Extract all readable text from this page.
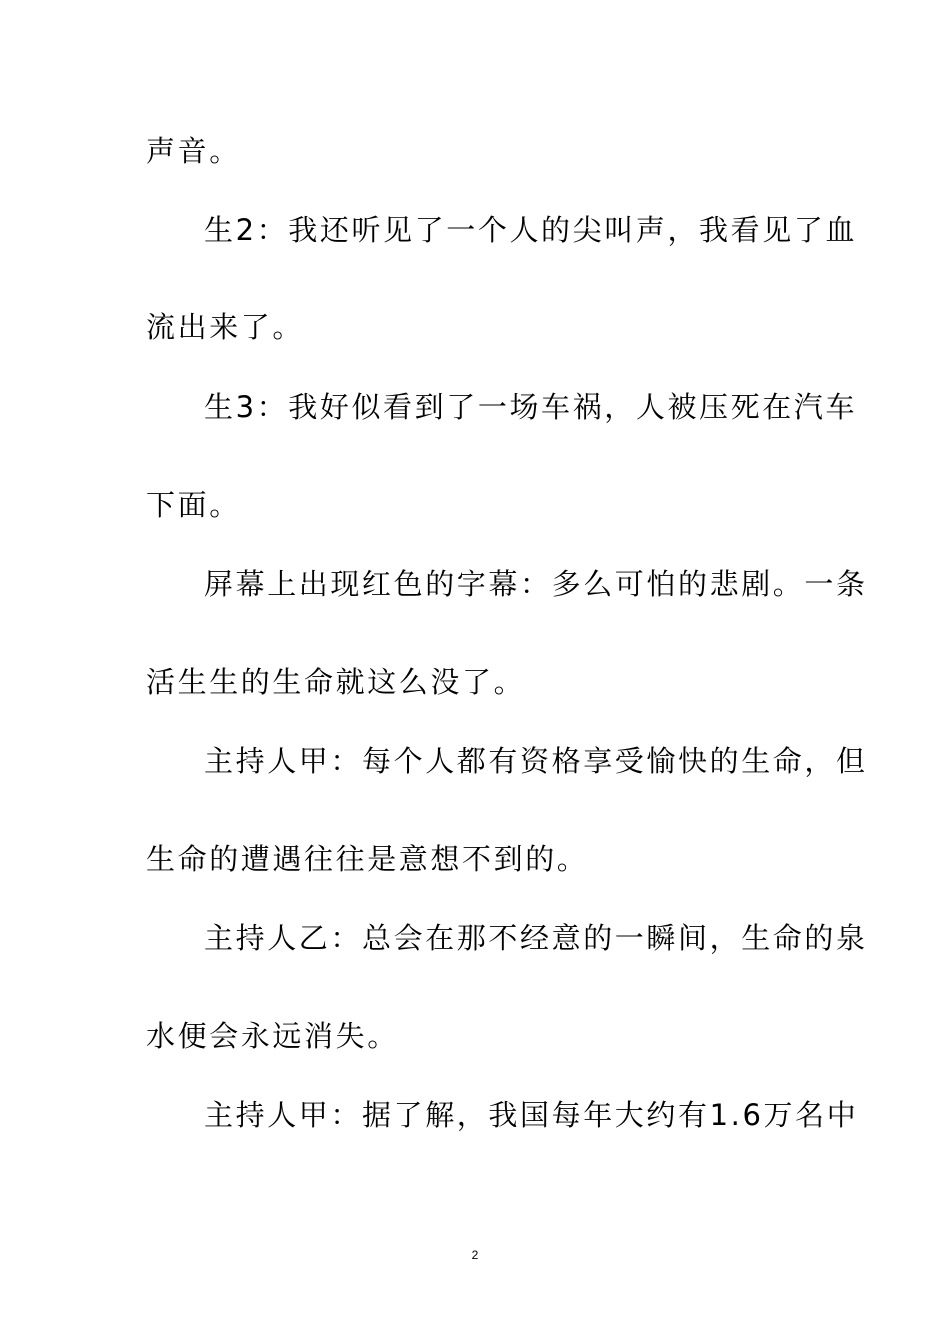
声音。
生2：我还听见了一个人的尖叫声，我看见了血
流出来了。
生3：我好似看到了一场车祸，人被压死在汽车
下面。
屏幕上出现红色的字幕：多么可怕的悲剧。一条
活生生的生命就这么没了。
主持人甲：每个人都有资格享受愉快的生命，但
生命的遭遇往往是意想不到的。
主持人乙：总会在那不经意的一瞬间，生命的泉
水便会永远消失。
主持人甲：据了解，我国每年大约有1.6万名中
2
